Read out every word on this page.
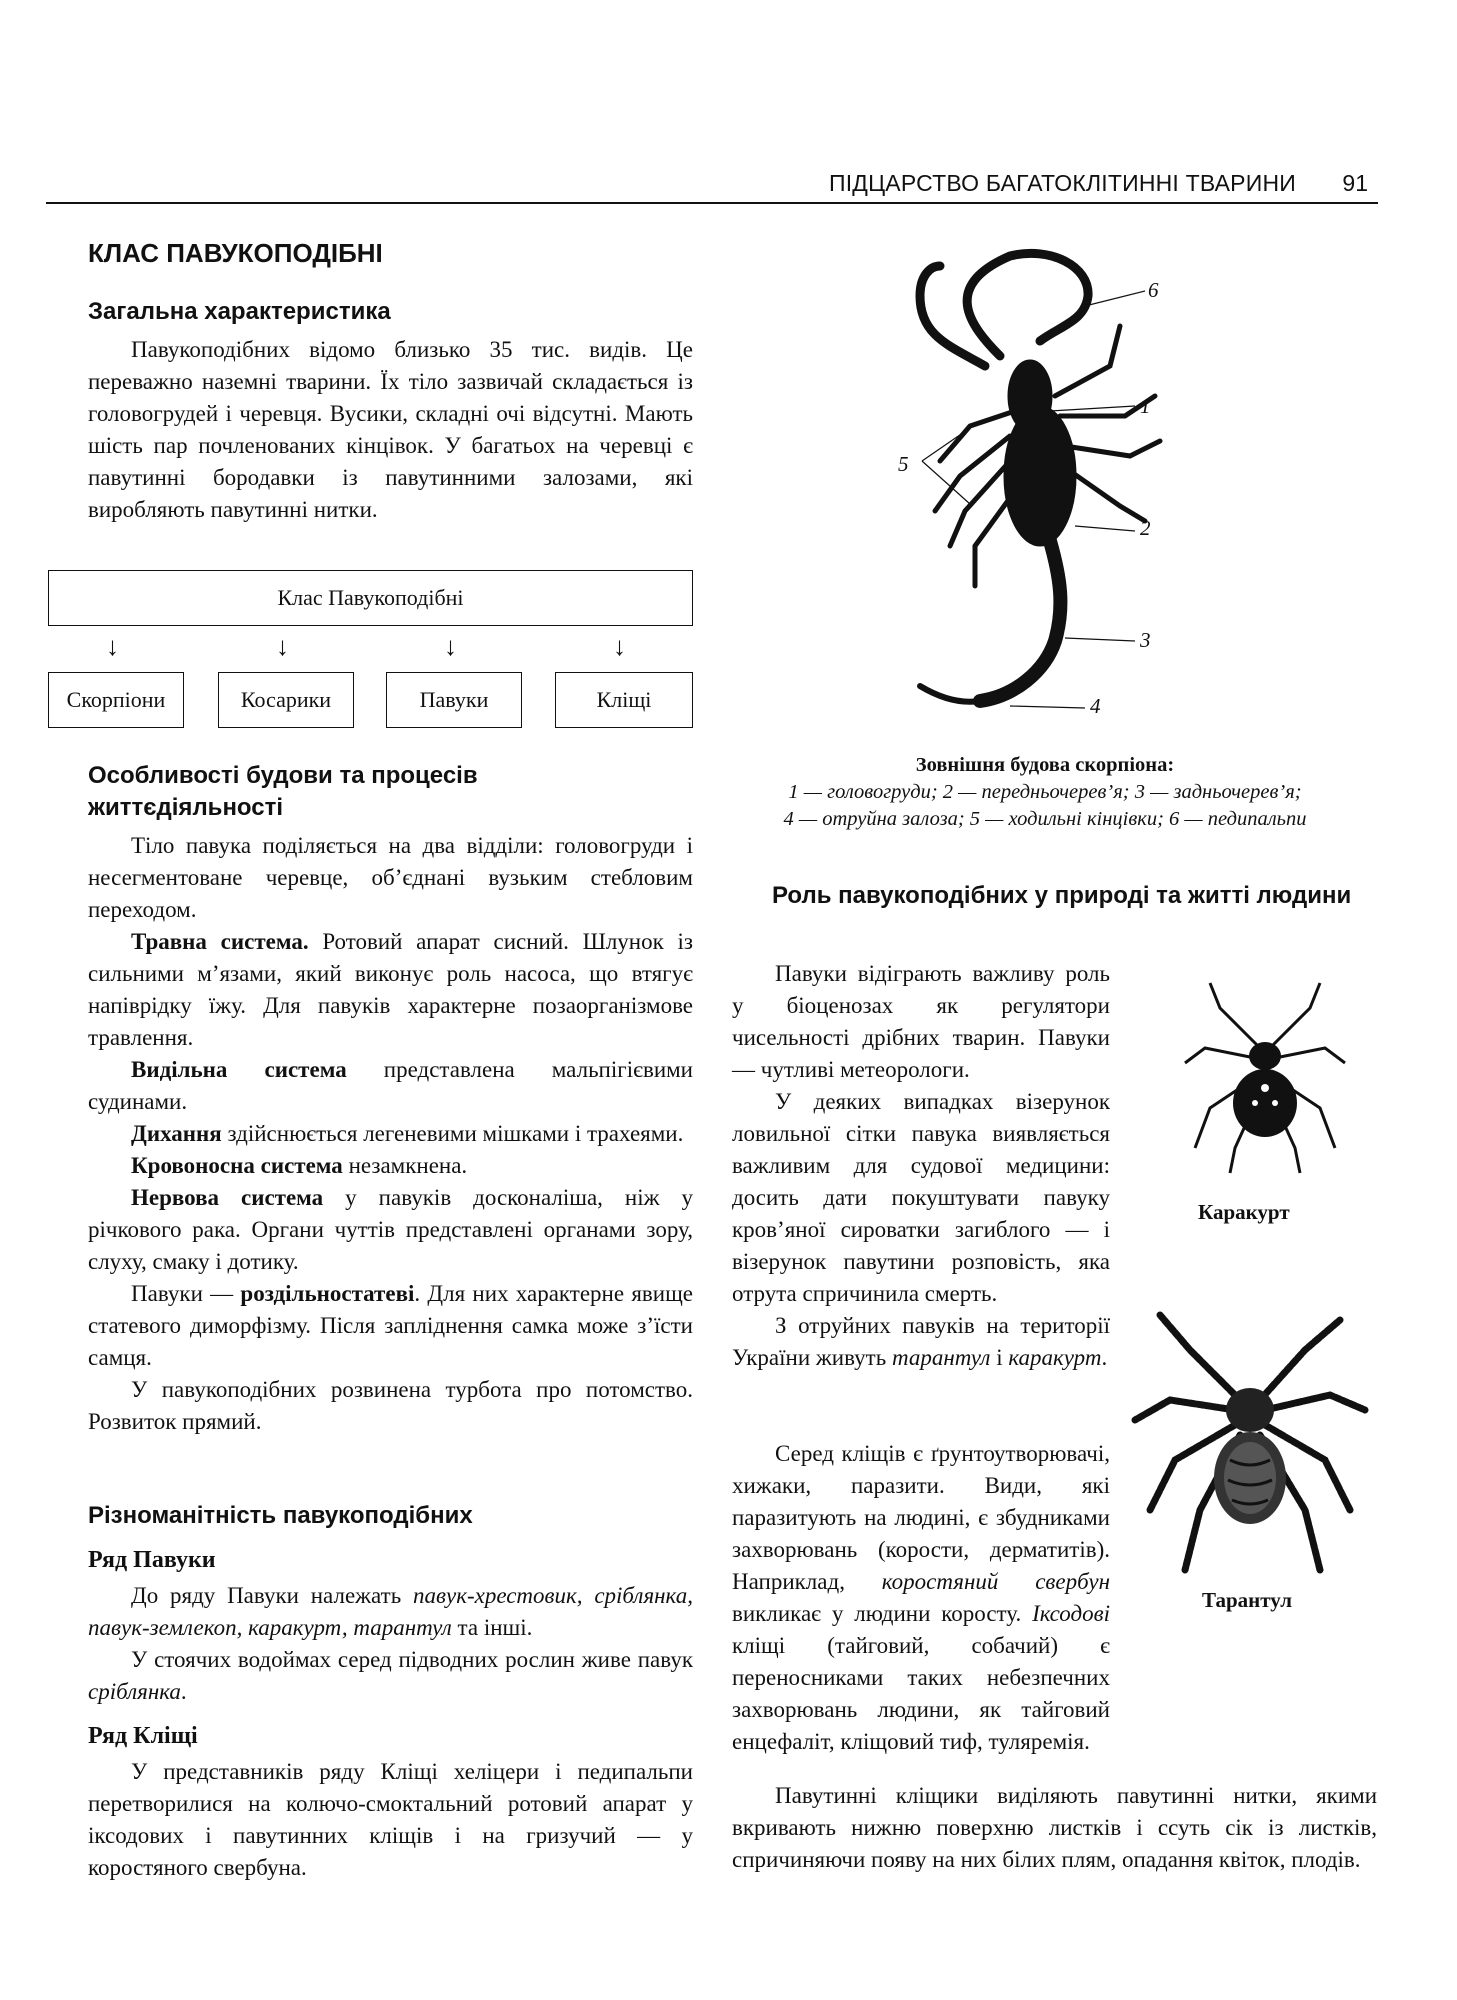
ПІДЦАРСТВО БАГАТОКЛІТИННІ ТВАРИНИ 91
КЛАС ПАВУКОПОДІБНІ

Загальна характеристика

Павукоподібних відомо близько 35 тис. видів. Це переважно наземні тварини. Їх тіло зазвичай складається із головогрудей і черевця. Вусики, складні очі відсутні. Мають шість пар почленованих кінцівок. У багатьох на черевці є павутинні бородавки із павутинними залозами, які виробляють павутинні нитки.

Клас Павукоподібні
↓	↓	↓	↓
Скорпіони	Косарики	Павуки	Кліщі

Особливості будови та процесів життєдіяльності

Тіло павука поділяється на два відділи: головогруди і несегментоване черевце, об’єднані вузьким стебловим переходом.

Травна система. Ротовий апарат сисний. Шлунок із сильними м’язами, який виконує роль насоса, що втягує напіврідку їжу. Для павуків характерне позаорганізмове травлення.

Видільна система представлена мальпігієвими судинами.

Дихання здійснюється легеневими мішками і трахеями.

Кровоносна система незамкнена.

Нервова система у павуків досконаліша, ніж у річкового рака. Органи чуттів представлені органами зору, слуху, смаку і дотику.

Павуки — роздільностатеві. Для них характерне явище статевого диморфізму. Після запліднення самка може з’їсти самця.

У павукоподібних розвинена турбота про потомство. Розвиток прямий.

Різноманітність павукоподібних

Ряд Павуки

До ряду Павуки належать павук-хрестовик, сріблянка, павук-землекоп, каракурт, тарантул та інші.

У стоячих водоймах серед підводних рослин живе павук сріблянка.

Ряд Кліщі

У представників ряду Кліщі хеліцери і педипальпи перетворилися на колючо-смоктальний ротовий апарат у іксодових і павутинних кліщів і на гризучий — у коростяного свербуна.

6
1
2
3
4
5
Зовнішня будова скорпіона:
1 — головогруди; 2 — передньочерев’я; 3 — задньочерев’я;
4 — отруйна залоза; 5 — ходильні кінцівки; 6 — педипальпи

Роль павукоподібних у природі та житті людини

Павуки відіграють важливу роль у біоценозах як регулятори чисельності дрібних тварин. Павуки — чутливі метеорологи.

У деяких випадках візерунок ловильної сітки павука виявляється важливим для судової медицини: досить дати покуштувати павуку кров’яної сироватки загиблого — і візерунок павутини розповість, яка отрута спричинила смерть.

З отруйних павуків на території України живуть тарантул і каракурт.

Серед кліщів є ґрунтоутворювачі, хижаки, паразити. Види, які паразитують на людині, є збудниками захворювань (корости, дерматитів). Наприклад, коростяний свербун викликає у людини коросту. Іксодові кліщі (тайговий, собачий) є переносниками таких небезпечних захворювань людини, як тайговий енцефаліт, кліщовий тиф, туляремія.

Павутинні кліщики виділяють павутинні нитки, якими вкривають нижню поверхню листків і ссуть сік із листків, спричиняючи появу на них білих плям, опадання квіток, плодів.

Каракурт
Тарантул
